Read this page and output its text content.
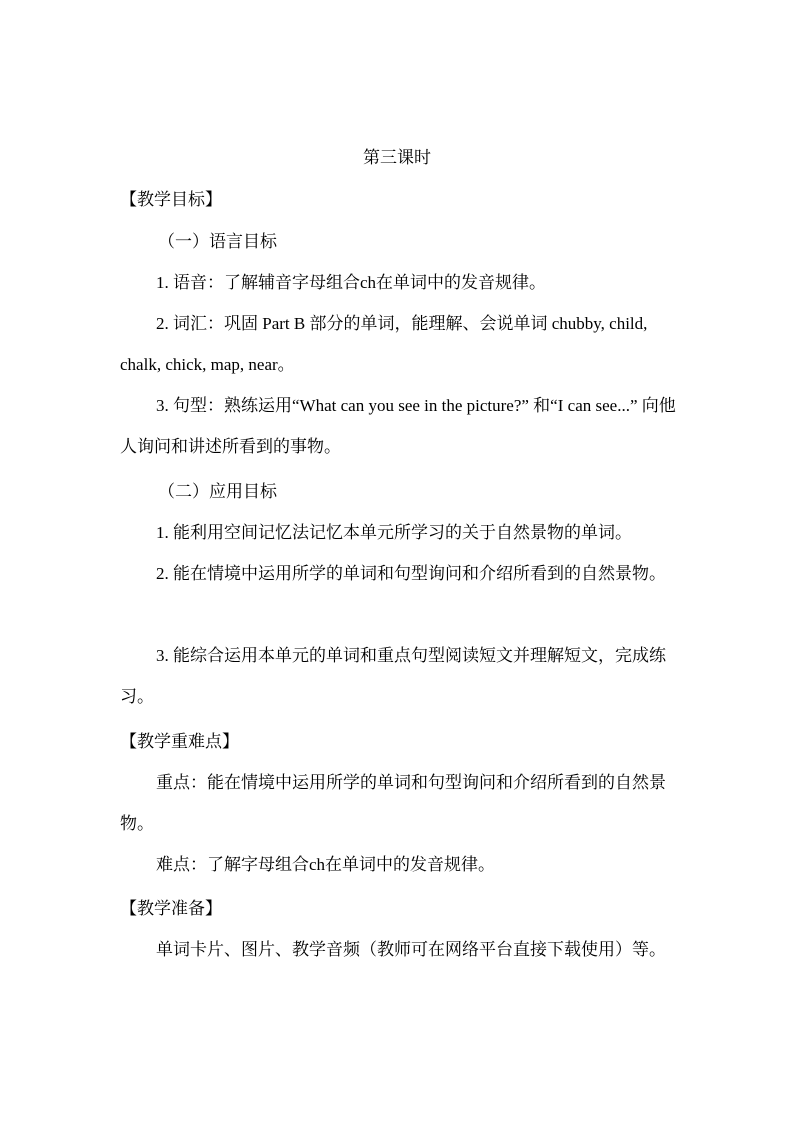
第三课时
【教学目标】
（一）语言目标

1. 语音：了解辅音字母组合ch在单词中的发音规律。

2. 词汇：巩固 Part B 部分的单词，能理解、会说单词 chubby, child, chalk, chick, map, near。

3. 句型：熟练运用“What can you see in the picture?” 和“I can see...” 向他人询问和讲述所看到的事物。

（二）应用目标

1. 能利用空间记忆法记忆本单元所学习的关于自然景物的单词。

2. 能在情境中运用所学的单词和句型询问和介绍所看到的自然景物。

3. 能综合运用本单元的单词和重点句型阅读短文并理解短文，完成练习。

【教学重难点】

重点：能在情境中运用所学的单词和句型询问和介绍所看到的自然景物。

难点：了解字母组合ch在单词中的发音规律。

【教学准备】

单词卡片、图片、教学音频（教师可在网络平台直接下载使用）等。
